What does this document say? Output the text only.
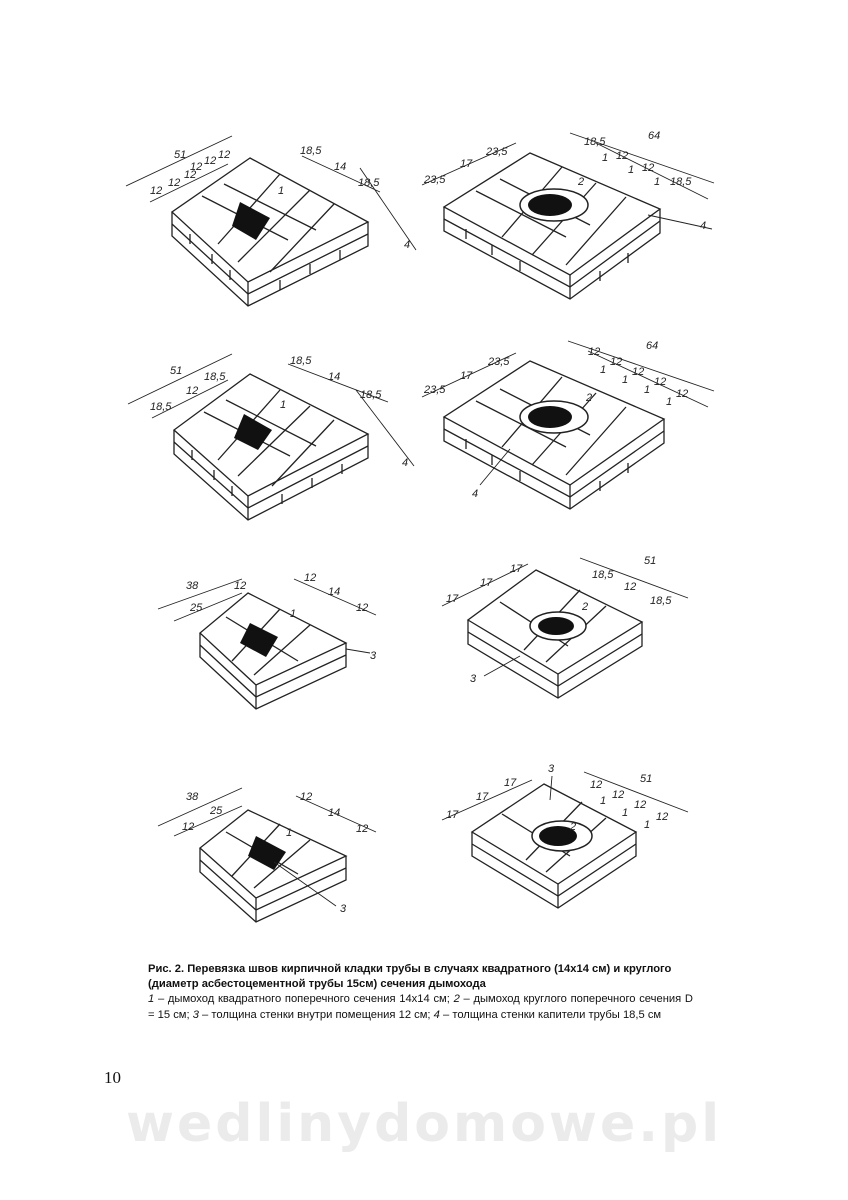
51
12 12 12
12
12
12
18,5
14
18,5
1
4
23,5
17
23,5
64
18,5
12
12
18,5
1
1
1
2
4
51
18,5
12
18,5
18,5
14
18,5
1
4
23,5
17
23,5
64
12
12
12
12
12
1
1
1
1
2
4
38
25
12
12
14
12
1
3
17
17
17
51
18,5
12
18,5
2
3
38
12
25
12
14
12
1
3
17
17
17	51
12
12
12
12
1
1
1
3
2

Рис. 2. Перевязка швов кирпичной кладки трубы в случаях квадратного (14х14 см) и круглого (диаметр асбестоцементной трубы 15см) сечения дымохода

1 – дымоход квадратного поперечного сечения 14х14 см; 2 – дымоход круглого поперечного сечения D = 15 см; 3 – толщина стенки внутри помещения 12 см; 4 – толщина стенки капители трубы 18,5 см

10
wedlinydomowe.pl
